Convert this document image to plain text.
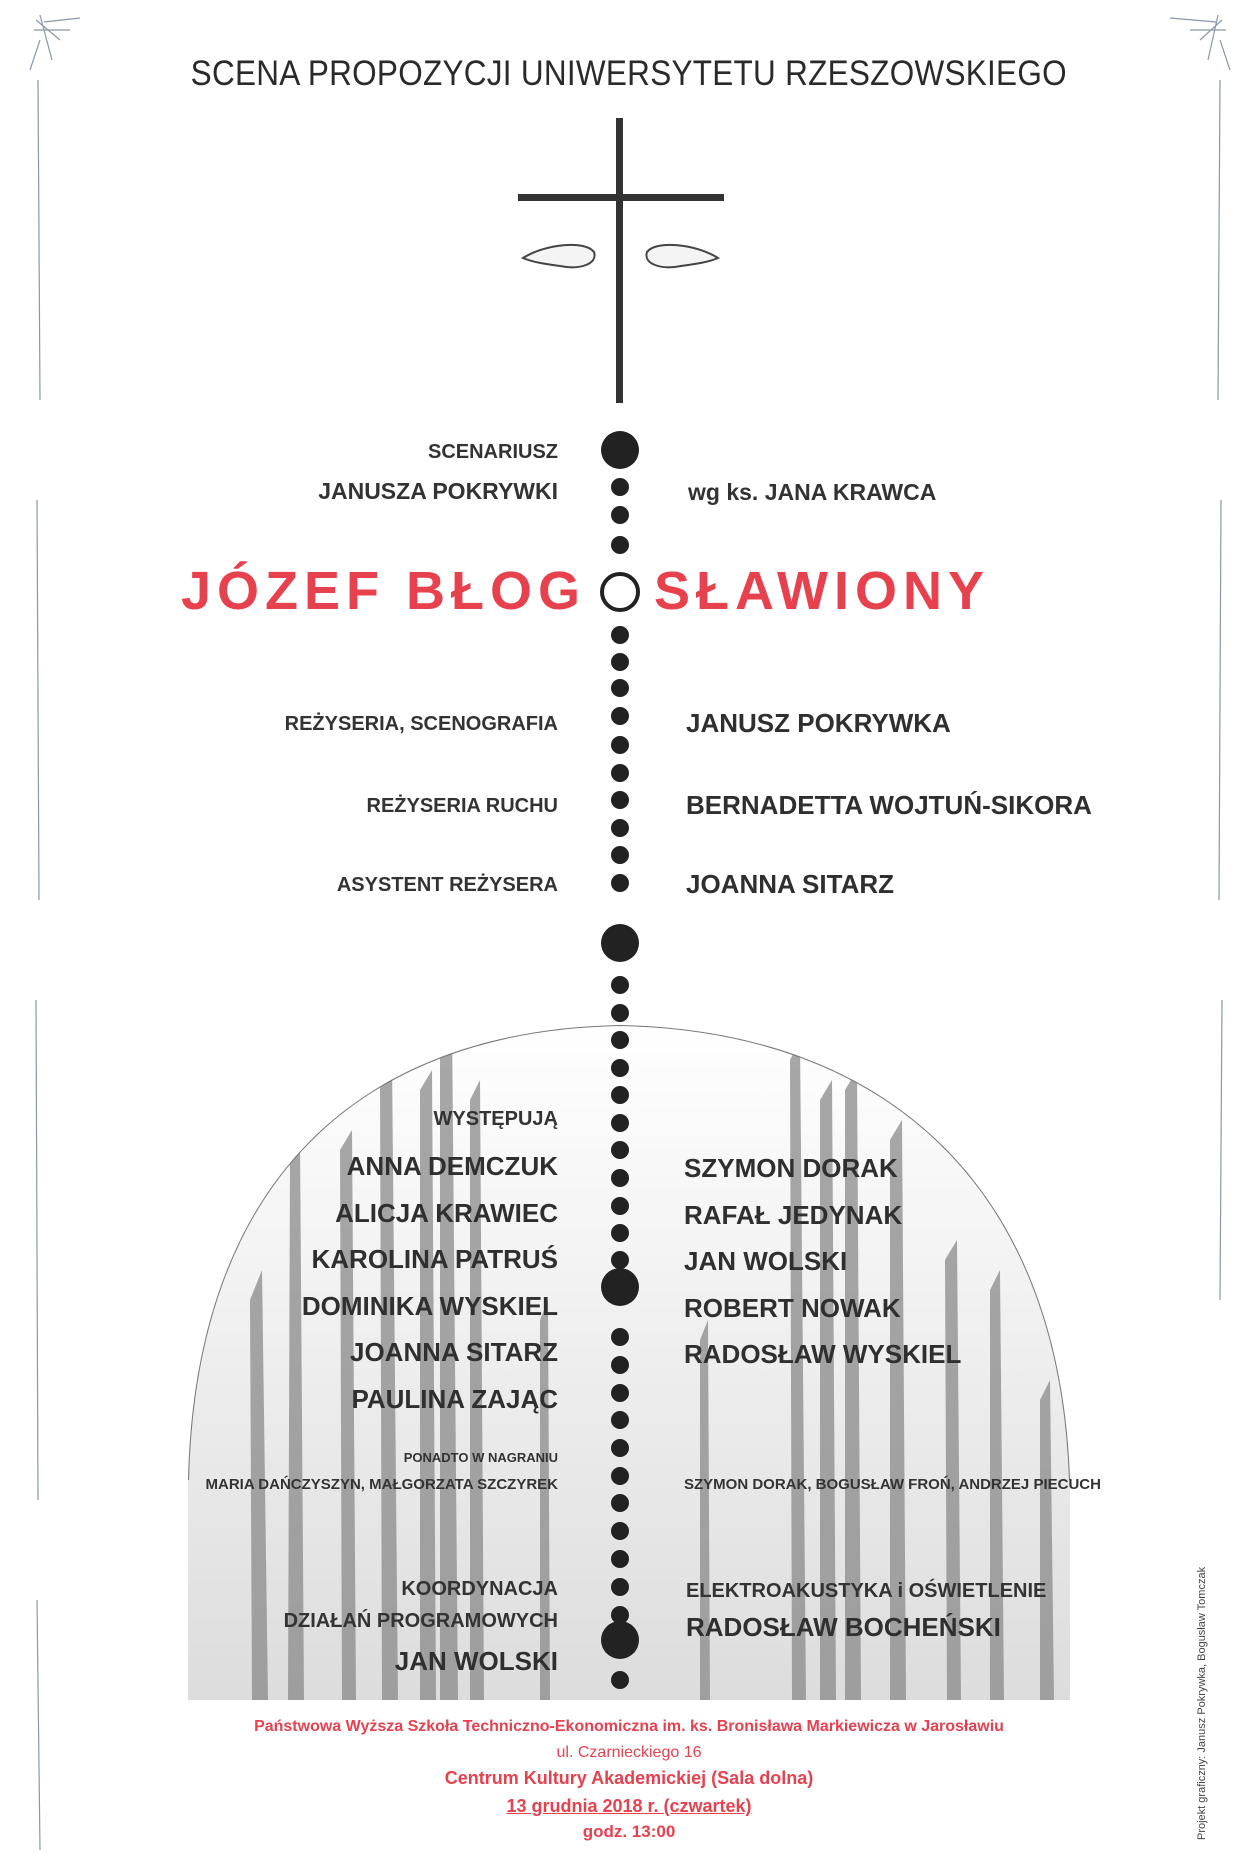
SCENA PROPOZYCJI UNIWERSYTETU RZESZOWSKIEGO
SCENARIUSZ
JANUSZA POKRYWKI	wg ks. JANA KRAWCA
JÓZEF BŁOG SŁAWIONY
REŻYSERIA, SCENOGRAFIA	JANUSZ POKRYWKA
REŻYSERIA RUCHU	BERNADETTA WOJTUŃ-SIKORA
ASYSTENT REŻYSERA	JOANNA SITARZ
WYSTĘPUJĄ
ANNA DEMCZUK
ALICJA KRAWIEC
KAROLINA PATRUŚ
DOMINIKA WYSKIEL
JOANNA SITARZ
PAULINA ZAJĄC
SZYMON DORAK
RAFAŁ JEDYNAK
JAN WOLSKI
ROBERT NOWAK
RADOSŁAW WYSKIEL
PONADTO W NAGRANIU
MARIA DAŃCZYSZYN, MAŁGORZATA SZCZYREK	SZYMON DORAK, BOGUSŁAW FROŃ, ANDRZEJ PIECUCH
KOORDYNACJA
DZIAŁAŃ PROGRAMOWYCH
JAN WOLSKI
ELEKTROAKUSTYKA i OŚWIETLENIE
RADOSŁAW BOCHEŃSKI
Państwowa Wyższa Szkoła Techniczno-Ekonomiczna im. ks. Bronisława Markiewicza w Jarosławiu
ul. Czarnieckiego 16
Centrum Kultury Akademickiej (Sala dolna)
13 grudnia 2018 r. (czwartek)
godz. 13:00	Projekt graficzny: Janusz Pokrywka, Bogusław Tomczak
